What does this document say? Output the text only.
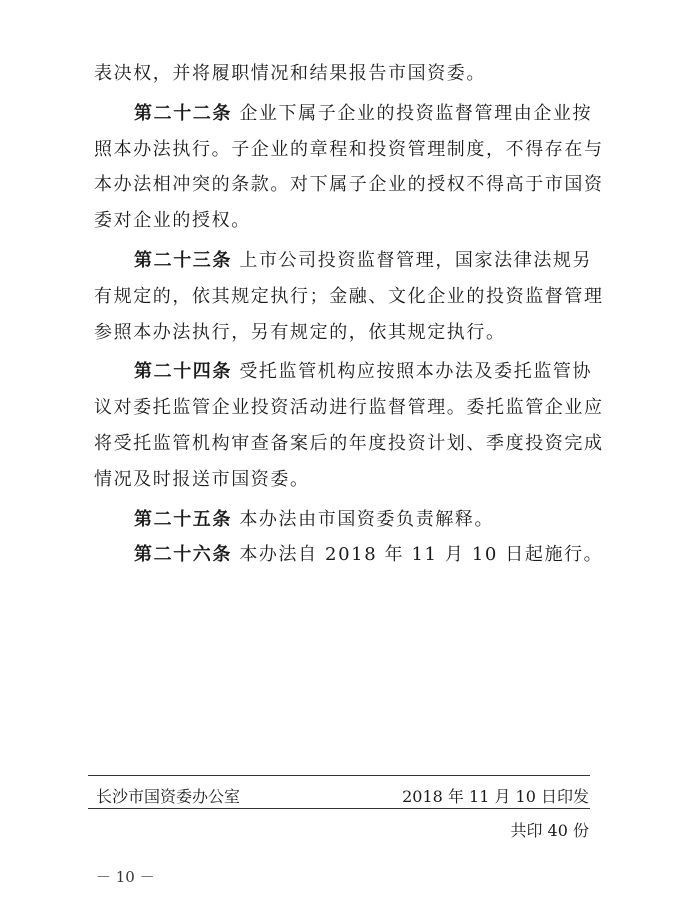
表决权，并将履职情况和结果报告市国资委。
第二十二条 企业下属子企业的投资监督管理由企业按
照本办法执行。子企业的章程和投资管理制度，不得存在与
本办法相冲突的条款。对下属子企业的授权不得高于市国资
委对企业的授权。
第二十三条 上市公司投资监督管理，国家法律法规另
有规定的，依其规定执行；金融、文化企业的投资监督管理
参照本办法执行，另有规定的，依其规定执行。
第二十四条 受托监管机构应按照本办法及委托监管协
议对委托监管企业投资活动进行监督管理。委托监管企业应
将受托监管机构审查备案后的年度投资计划、季度投资完成
情况及时报送市国资委。
第二十五条 本办法由市国资委负责解释。
第二十六条 本办法自 2018 年 11 月 10 日起施行。
长沙市国资委办公室	2018 年 11 月 10 日印发
共印 40 份
－ 10 －
